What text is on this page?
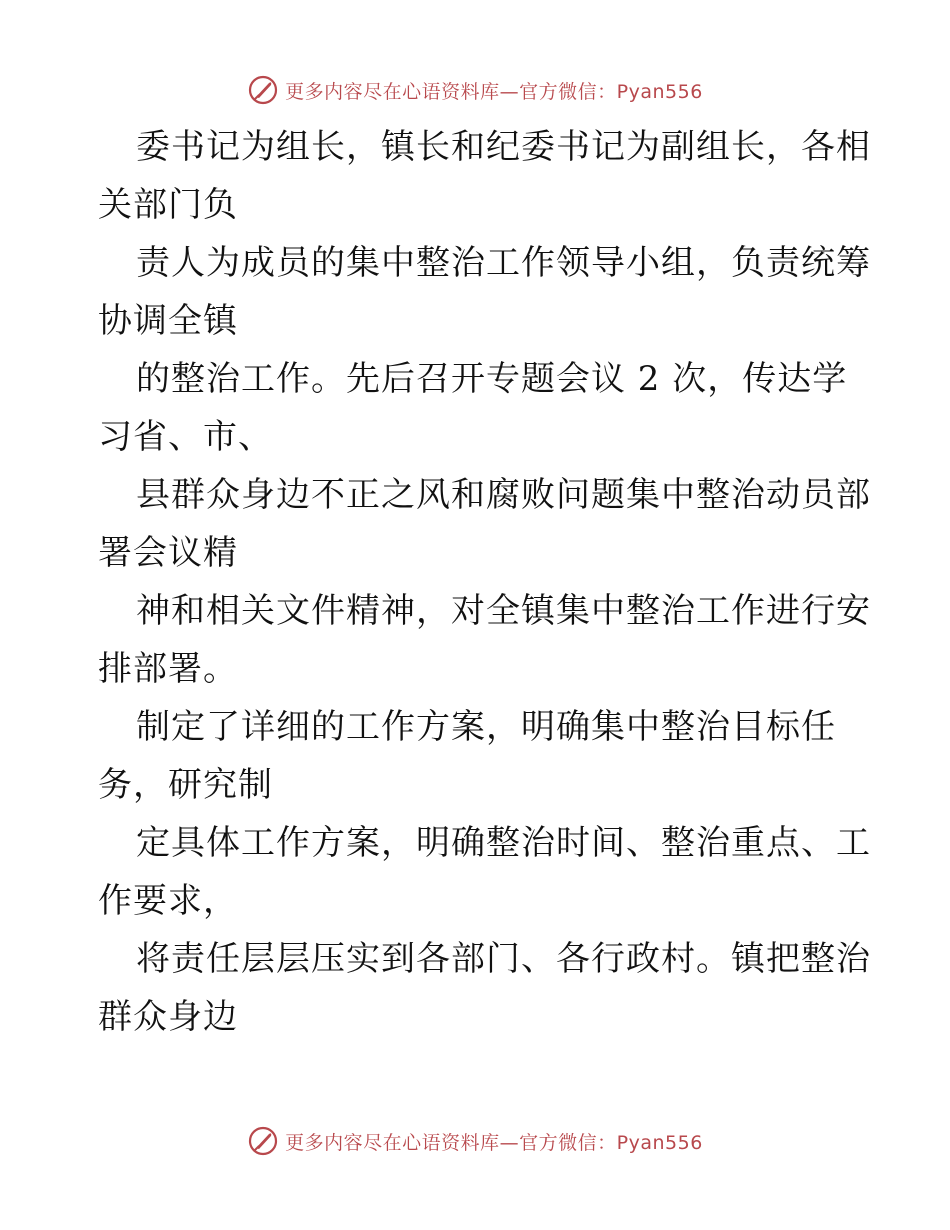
更多内容尽在心语资料库—官方微信：Pyan556
委书记为组长，镇长和纪委书记为副组长，各相
关部门负
责人为成员的集中整治工作领导小组，负责统筹
协调全镇
的整治工作。先后召开专题会议 2 次，传达学
习省、市、
县群众身边不正之风和腐败问题集中整治动员部
署会议精
神和相关文件精神，对全镇集中整治工作进行安
排部署。
制定了详细的工作方案，明确集中整治目标任
务，研究制
定具体工作方案，明确整治时间、整治重点、工
作要求，
将责任层层压实到各部门、各行政村。镇把整治
群众身边
更多内容尽在心语资料库—官方微信：Pyan556
